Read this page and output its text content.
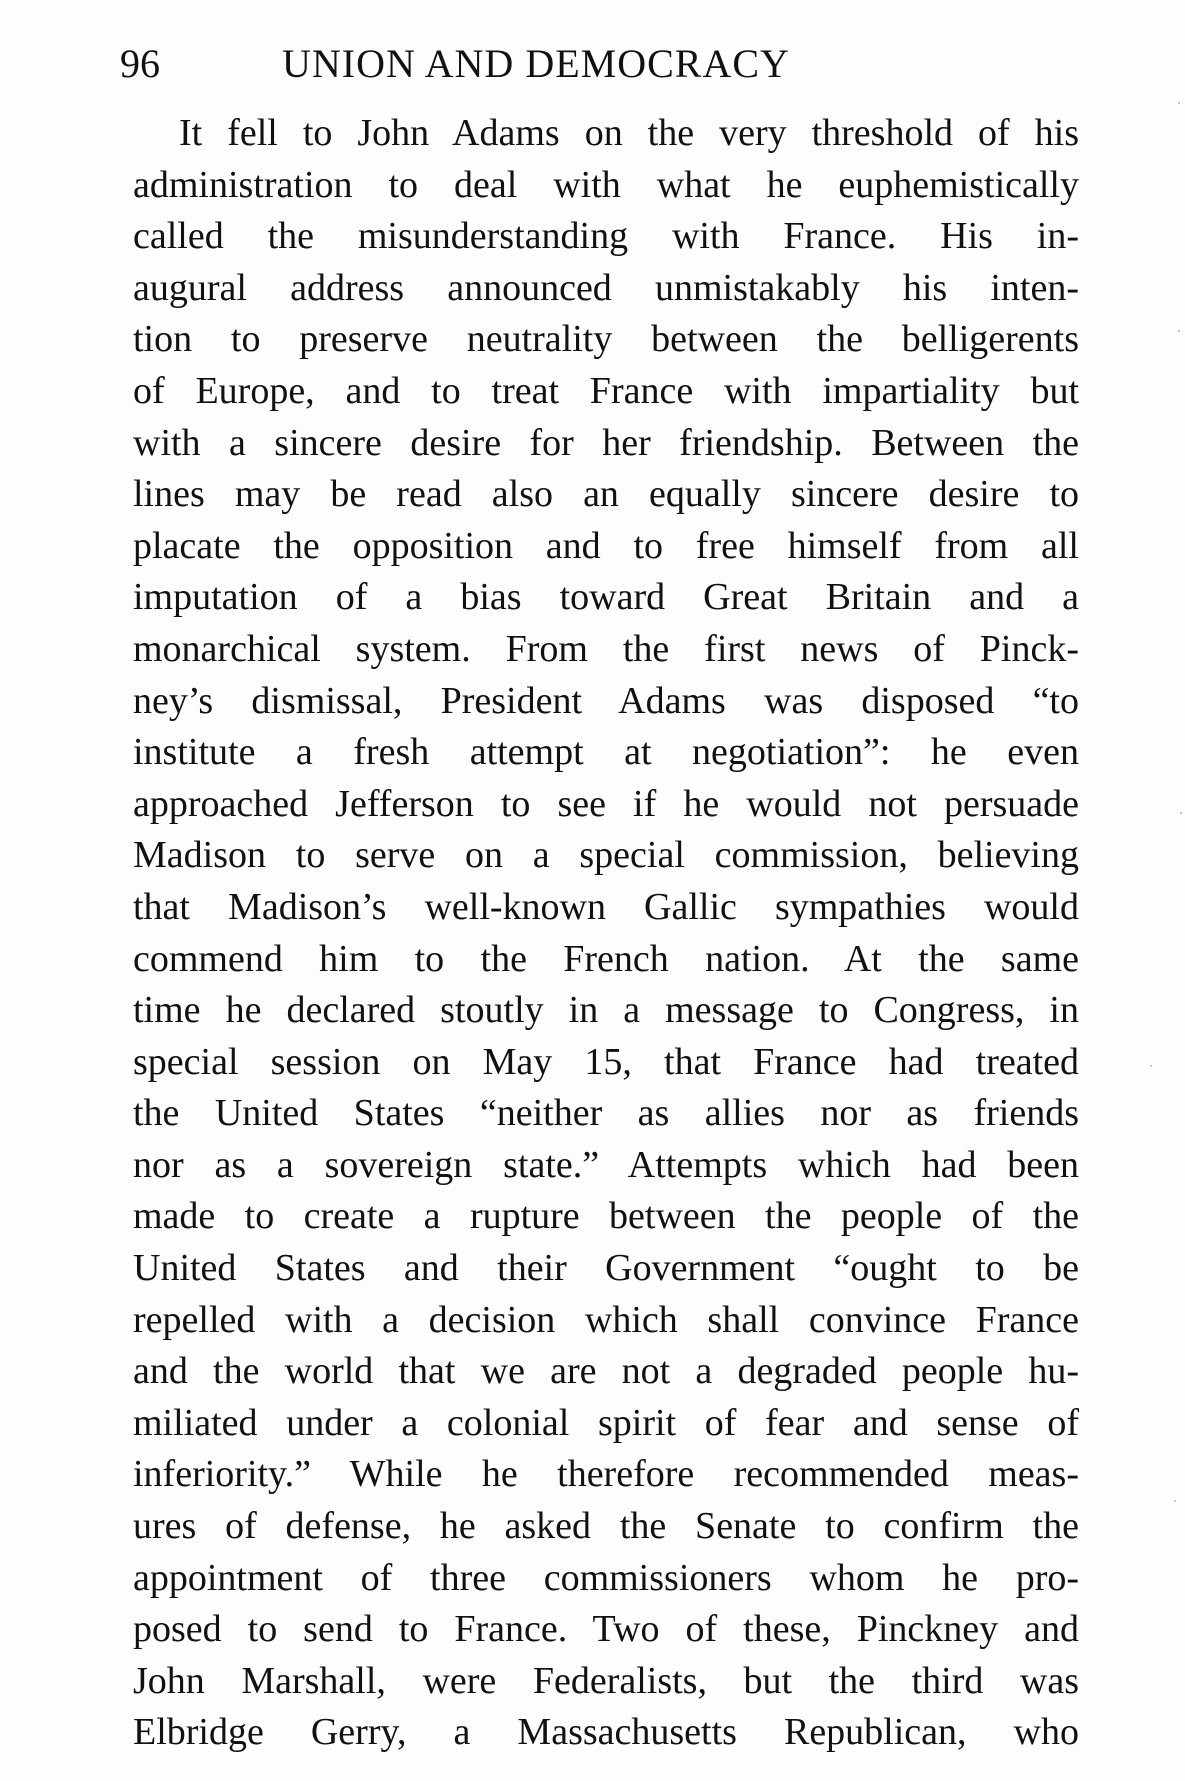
96	UNION AND DEMOCRACY
It fell to John Adams on the very threshold of his
administration to deal with what he euphemistically
called the misunderstanding with France. His in-
augural address announced unmistakably his inten-
tion to preserve neutrality between the belligerents
of Europe, and to treat France with impartiality but
with a sincere desire for her friendship. Between the
lines may be read also an equally sincere desire to
placate the opposition and to free himself from all
imputation of a bias toward Great Britain and a
monarchical system. From the first news of Pinck-
ney’s dismissal, President Adams was disposed “to
institute a fresh attempt at negotiation”: he even
approached Jefferson to see if he would not persuade
Madison to serve on a special commission, believing
that Madison’s well-known Gallic sympathies would
commend him to the French nation. At the same
time he declared stoutly in a message to Congress, in
special session on May 15, that France had treated
the United States “neither as allies nor as friends
nor as a sovereign state.” Attempts which had been
made to create a rupture between the people of the
United States and their Government “ought to be
repelled with a decision which shall convince France
and the world that we are not a degraded people hu-
miliated under a colonial spirit of fear and sense of
inferiority.” While he therefore recommended meas-
ures of defense, he asked the Senate to confirm the
appointment of three commissioners whom he pro-
posed to send to France. Two of these, Pinckney and
John Marshall, were Federalists, but the third was
Elbridge Gerry, a Massachusetts Republican, who
